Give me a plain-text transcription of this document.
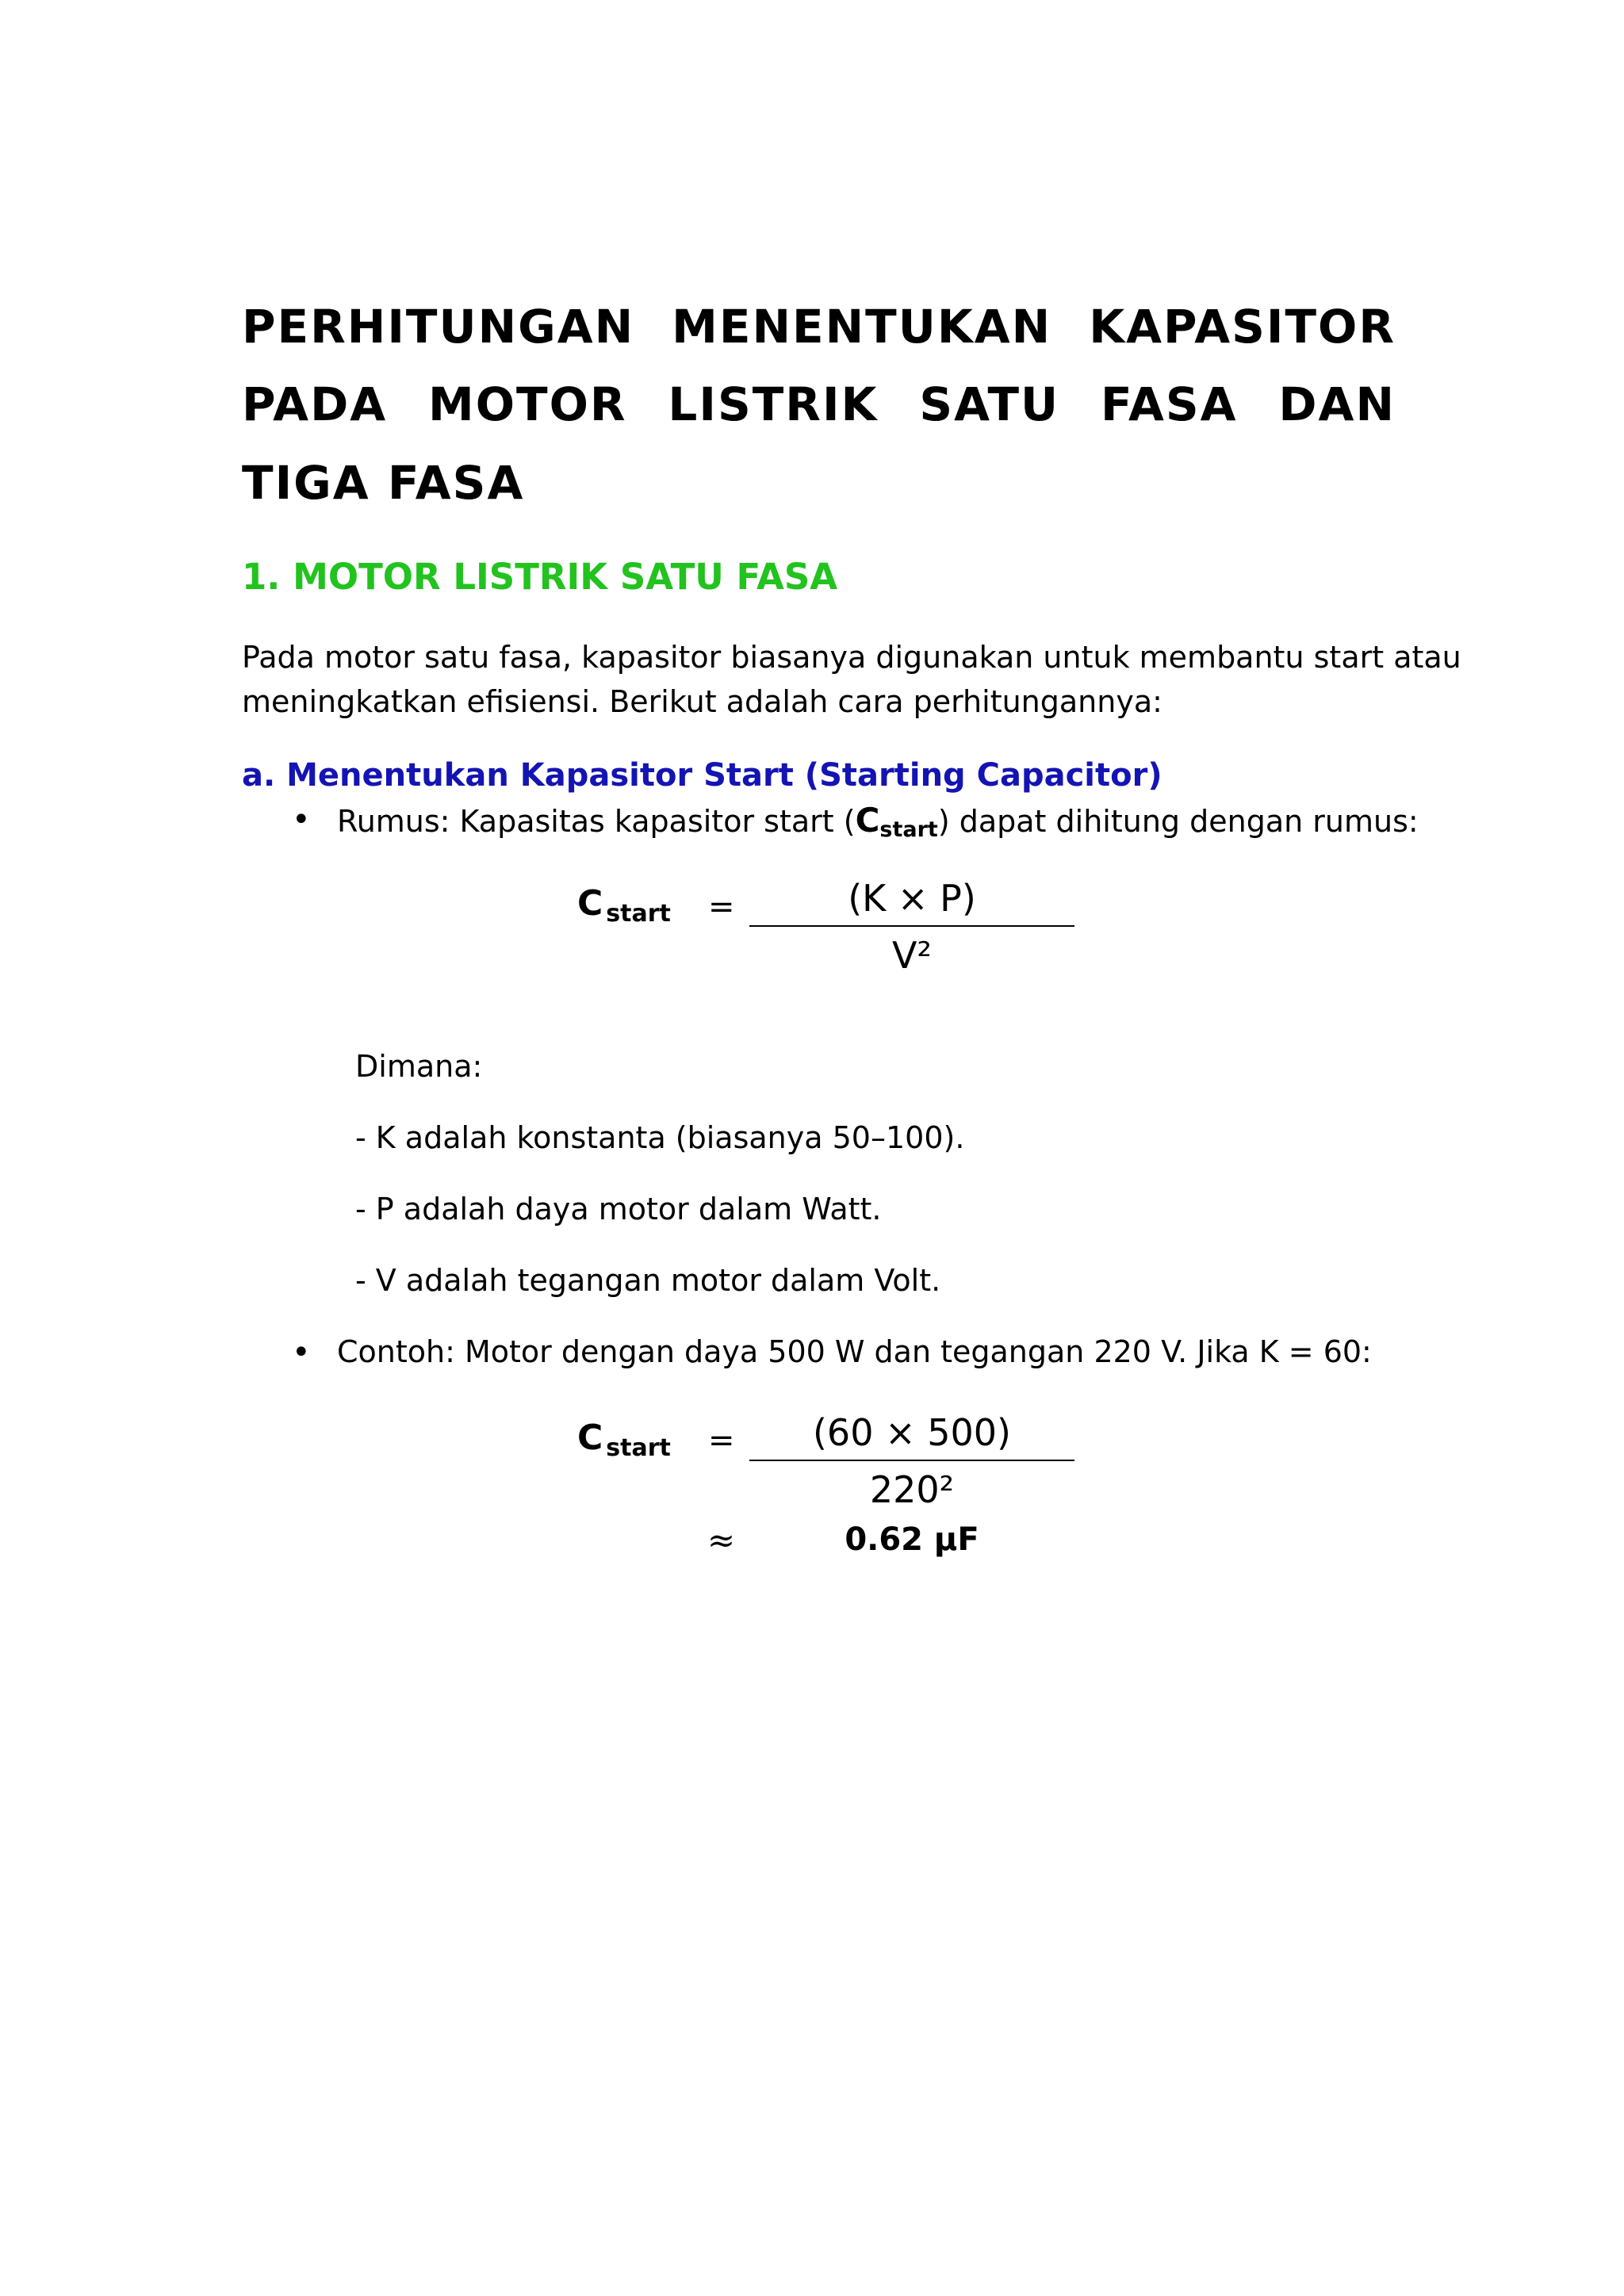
PERHITUNGAN MENENTUKAN KAPASITOR
PADA MOTOR LISTRIK SATU FASA DAN
TIGA FASA
1. MOTOR LISTRIK SATU FASA

Pada motor satu fasa, kapasitor biasanya digunakan untuk membantu start atau

meningkatkan efisiensi. Berikut adalah cara perhitungannya:

a. Menentukan Kapasitor Start (Starting Capacitor)
• Rumus: Kapasitas kapasitor start (Cstart) dapat dihitung dengan rumus:
C start =	(K × P)
V²
Dimana:
- K adalah konstanta (biasanya 50–100).
- P adalah daya motor dalam Watt.
- V adalah tegangan motor dalam Volt.
• Contoh: Motor dengan daya 500 W dan tegangan 220 V. Jika K = 60:
C start =	(60 × 500)
220²
≈	0.62 µF
